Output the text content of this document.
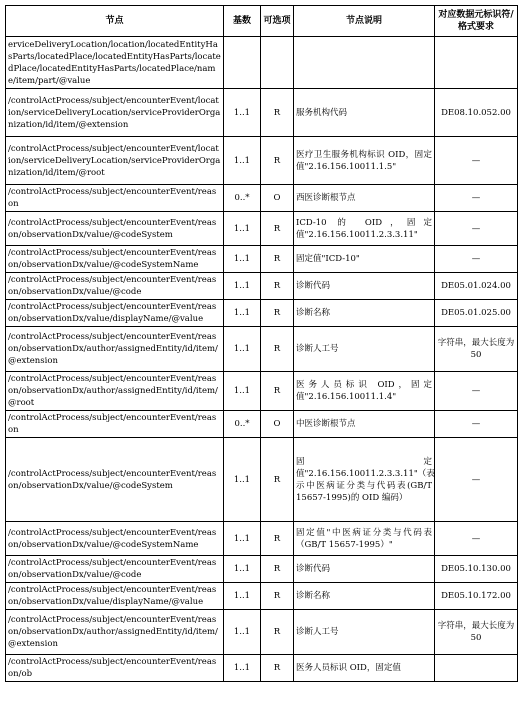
节点	基数	可选项	节点说明	对应数据元标识符/格式要求
erviceDeliveryLocation/location/locatedEntityHasParts/locatedPlace/locatedEntityHasParts/locatedPlace/locatedEntityHasParts/locatedPlace/name/item/part/@value				
/controlActProcess/subject/encounterEvent/location/serviceDeliveryLocation/serviceProviderOrganization/id/item/@extension	1..1	R	服务机构代码	DE08.10.052.00
/controlActProcess/subject/encounterEvent/location/serviceDeliveryLocation/serviceProviderOrganization/id/item/@root	1..1	R	医疗卫生服务机构标识 OID，固定值"2.16.156.10011.1.5"	—
/controlActProcess/subject/encounterEvent/reason	0..*	O	西医诊断根节点	—
/controlActProcess/subject/encounterEvent/reason/observationDx/value/@codeSystem	1..1	R	ICD-10 的 OID，固定值"2.16.156.10011.2.3.3.11"	—
/controlActProcess/subject/encounterEvent/reason/observationDx/value/@codeSystemName	1..1	R	固定值"ICD-10"	—
/controlActProcess/subject/encounterEvent/reason/observationDx/value/@code	1..1	R	诊断代码	DE05.01.024.00
/controlActProcess/subject/encounterEvent/reason/observationDx/value/displayName/@value	1..1	R	诊断名称	DE05.01.025.00
/controlActProcess/subject/encounterEvent/reason/observationDx/author/assignedEntity/id/item/@extension	1..1	R	诊断人工号	字符串，最大长度为 50
/controlActProcess/subject/encounterEvent/reason/observationDx/author/assignedEntity/id/item/@root	1..1	R	医务人员标识 OID，固定值"2.16.156.10011.1.4"	—
/controlActProcess/subject/encounterEvent/reason	0..*	O	中医诊断根节点	—
/controlActProcess/subject/encounterEvent/reason/observationDx/value/@codeSystem	1..1	R	固定值"2.16.156.10011.2.3.3.11"（表示中医病证分类与代码表(GB/T 15657-1995)的 OID 编码）	—
/controlActProcess/subject/encounterEvent/reason/observationDx/value/@codeSystemName	1..1	R	固定值"中医病证分类与代码表（GB/T 15657-1995）"	—
/controlActProcess/subject/encounterEvent/reason/observationDx/value/@code	1..1	R	诊断代码	DE05.10.130.00
/controlActProcess/subject/encounterEvent/reason/observationDx/value/displayName/@value	1..1	R	诊断名称	DE05.10.172.00
/controlActProcess/subject/encounterEvent/reason/observationDx/author/assignedEntity/id/item/@extension	1..1	R	诊断人工号	字符串，最大长度为 50
/controlActProcess/subject/encounterEvent/reason/ob	1..1	R	医务人员标识 OID，固定值	
